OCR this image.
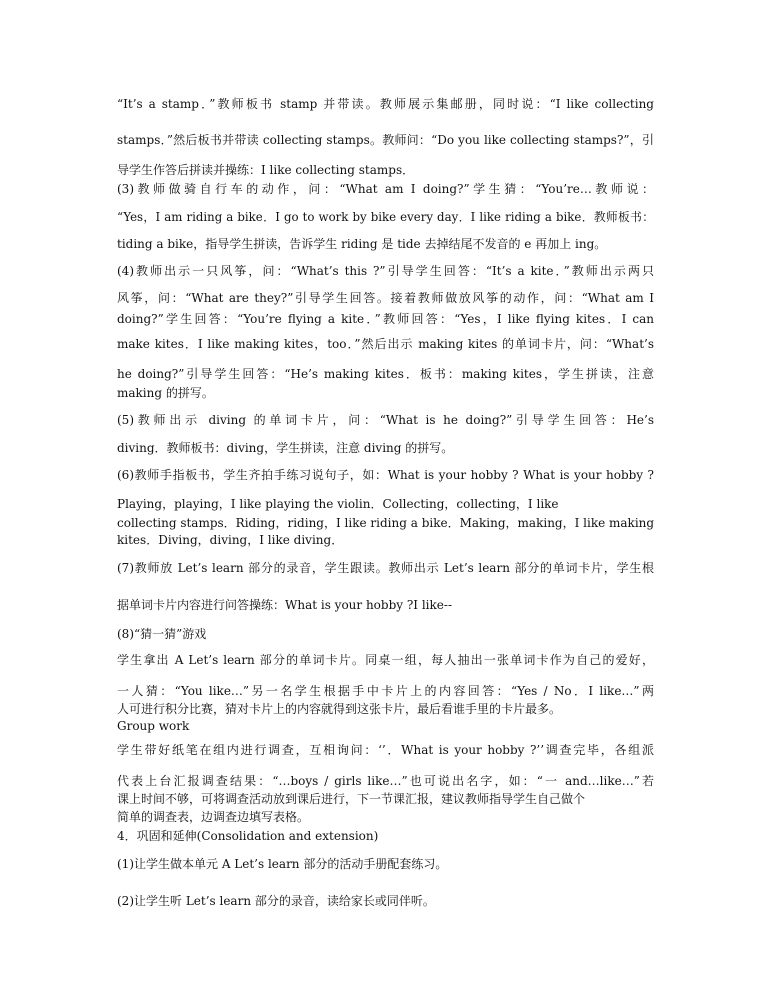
“It’s a stamp．”教师板书 stamp 并带读。教师展示集邮册，同时说：“I like collecting
stamps．”然后板书并带读 collecting stamps。教师问：“Do you like collecting stamps?”，引
导学生作答后拼读并操练：I like collecting stamps．
(3)教师做骑自行车的动作，问：“What am I doing?”学生猜：“You’re…教师说：
“Yes，I am riding a bike．I go to work by bike every day．I like riding a bike．教师板书：
tiding a bike，指导学生拼读，告诉学生 riding 是 tide 去掉结尾不发音的 e 再加上 ing。
(4)教师出示一只风筝，问：“What’s this ?”引导学生回答：“It’s a kite．”教师出示两只
风筝，问：“What are they?”引导学生回答。接着教师做放风筝的动作，问：“What am I
doing?”学生回答：“You’re flying a kite．”教师回答：“Yes，I like flying kites．I can
make kites．I like making kites，too．”然后出示 making kites 的单词卡片，问：“What’s
he doing?”引导学生回答：“He’s making kites．板书：making kites，学生拼读，注意
making 的拼写。
(5)教师出示 diving 的单词卡片，问：“What is he doing?”引导学生回答：He’s
diving．教师板书：diving，学生拼读，注意 diving 的拼写。
(6)教师手指板书，学生齐拍手练习说句子，如：What is your hobby ? What is your hobby ?
Playing，playing，I like playing the violin．Collecting，collecting，I like
collecting stamps．Riding，riding，I like riding a bike．Making，making，I like making
kites．Diving，diving，I like diving．
(7)教师放 Let’s learn 部分的录音，学生跟读。教师出示 Let’s learn 部分的单词卡片，学生根
据单词卡片内容进行问答操练：What is your hobby ?I like--
(8)“猜一猜”游戏
学生拿出 A Let’s learn 部分的单词卡片。同桌一组，每人抽出一张单词卡作为自己的爱好，
一人猜：“You like…”另一名学生根据手中卡片上的内容回答：“Yes / No．I like…”两
人可进行积分比赛，猜对卡片上的内容就得到这张卡片，最后看谁手里的卡片最多。
Group work
学生带好纸笔在组内进行调查，互相询问：‘’．What is your hobby ?’’调查完毕，各组派
代表上台汇报调查结果：“…boys / girls like…”也可说出名字，如：“一 and…like…”若
课上时间不够，可将调查活动放到课后进行，下一节课汇报，建议教师指导学生自己做个
简单的调查表，边调查边填写表格。
4．巩固和延伸(Consolidation and extension)
(1)让学生做本单元 A Let’s learn 部分的活动手册配套练习。
(2)让学生听 Let’s learn 部分的录音，读给家长或同伴听。
